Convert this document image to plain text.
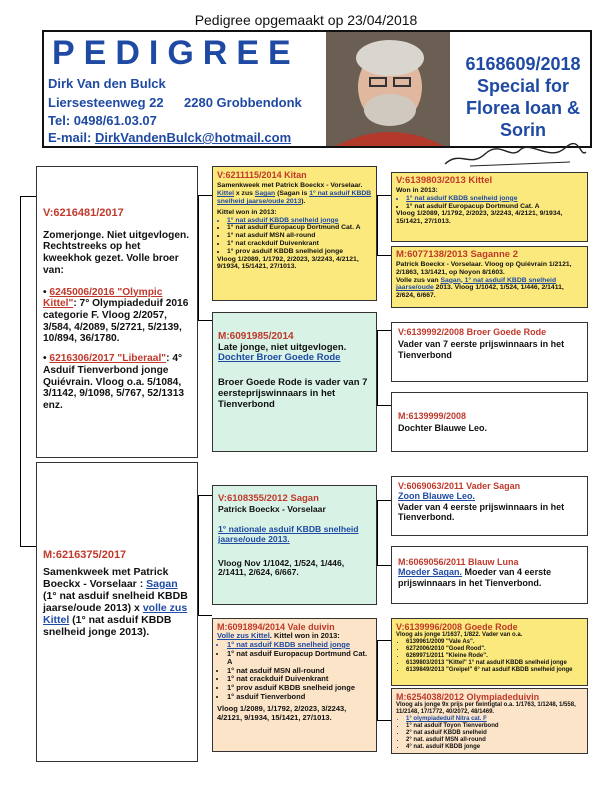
Pedigree opgemaakt op 23/04/2018
PEDIGREE
Dirk Van den Bulck
Liersesteenweg 22 2280 Grobbendonk
Tel: 0498/61.03.07
E-mail: DirkVandenBulck@hotmail.com
6168609/2018
Special for
Florea Ioan &
Sorin
V:6216481/2017
Zomerjonge. Niet uitgevlogen. Rechtstreeks op het kweekhok gezet. Volle broer van:
• 6245006/2016 "Olympic Kittel": 7° Olympiadeduif 2016 categorie F. Vloog 2/2057, 3/584, 4/2089, 5/2721, 5/2139, 10/894, 36/1780.
• 6216306/2017 "Liberaal": 4° Asduif Tienverbond jonge Quiévrain. Vloog o.a. 5/1084, 3/1142, 9/1098, 5/767, 52/1313 enz.
M:6216375/2017
Samenkweek met Patrick Boeckx - Vorselaar : Sagan (1° nat asduif snelheid KBDB jaarse/oude 2013) x volle zus Kittel (1° nat asduif KBDB snelheid jonge 2013).
V:6211115/2014 Kitan
Samenkweek met Patrick Boeckx - Vorselaar.
Kittel x zus Sagan (Sagan is 1° nat asduif KBDB snelheid jaarse/oude 2013).
Kittel won in 2013:
• 1° nat asduif KBDB snelheid jonge
• 1° nat asduif Europacup Dortmund Cat. A
• 1° nat asduif MSN all-round
• 1° nat crackduif Duivenkrant
• 1° prov asduif KBDB snelheid jonge
Vloog 1/2089, 1/1792, 2/2023, 3/2243, 4/2121, 9/1934, 15/1421, 27/1013.
M:6091985/2014
Late jonge, niet uitgevlogen.
Dochter Broer Goede Rode
Broer Goede Rode is vader van 7 eersteprijswinnaars in het Tienverbond
V:6108355/2012 Sagan
Patrick Boeckx - Vorselaar
1° nationale asduif KBDB snelheid jaarse/oude 2013.
Vloog Nov 1/1042, 1/524, 1/446, 2/1411, 2/624, 6/667.
M:6091894/2014 Vale duivin
Volle zus Kittel. Kittel won in 2013:
• 1° nat asduif KBDB snelheid jonge
• 1° nat asduif Europacup Dortmund Cat. A
• 1° nat asduif MSN all-round
• 1° nat crackduif Duivenkrant
• 1° prov asduif KBDB snelheid jonge
• 1° asduif Tienverbond
Vloog 1/2089, 1/1792, 2/2023, 3/2243, 4/2121, 9/1934, 15/1421, 27/1013.
V:6139803/2013 Kittel
Won in 2013:
• 1° nat asduif KBDB snelheid jonge
• 1° nat asduif Europacup Dortmund Cat. A
Vloog 1/2089, 1/1792, 2/2023, 3/2243, 4/2121, 9/1934, 15/1421, 27/1013.
M:6077138/2013 Saganne 2
Patrick Boeckx - Vorselaar. Vloog op Quiévrain 1/2121, 2/1863, 13/1421, op Noyon 8/1603.
Volle zus van Sagan, 1° nat asduif KBDB snelheid jaarse/oude 2013. Vloog 1/1042, 1/524, 1/446, 2/1411, 2/624, 6/667.
V:6139992/2008 Broer Goede Rode
Vader van 7 eerste prijswinnaars in het Tienverbond
M:6139999/2008
Dochter Blauwe Leo.
V:6069063/2011 Vader Sagan
Zoon Blauwe Leo.
Vader van 4 eerste prijswinnaars in het Tienverbond.
M:6069056/2011 Blauw Luna
Moeder Sagan. Moeder van 4 eerste prijswinnaars in het Tienverbond.
V:6139996/2008 Goede Rode
Vloog als jonge 1/1637, 1/822. Vader van o.a.
• 6139961/2009 "Vale As".
• 6272006/2010 "Goed Rood".
• 6269971/2011 "Kleine Rode".
• 6139803/2013 "Kittel" 1° nat asduif KBDB snelheid jonge
• 6139849/2013 "Greipel" 6° nat asduif KBDB snelheid jonge
M:6254038/2012 Olympiadeduivin
Vloog als jonge 9x prijs per twintigtal o.a. 1/1763, 1/1248, 1/558, 11/2148, 17/1772, 40/2072, 48/1469.
• 1° olympiadeduif Nitra cat. F
• 1° nat asduif Toyon Tienverbond
• 2° nat asduif KBDB snelheid
• 2° nat. asduif MSN all-round
• 4° nat. asduif KBDB jonge
